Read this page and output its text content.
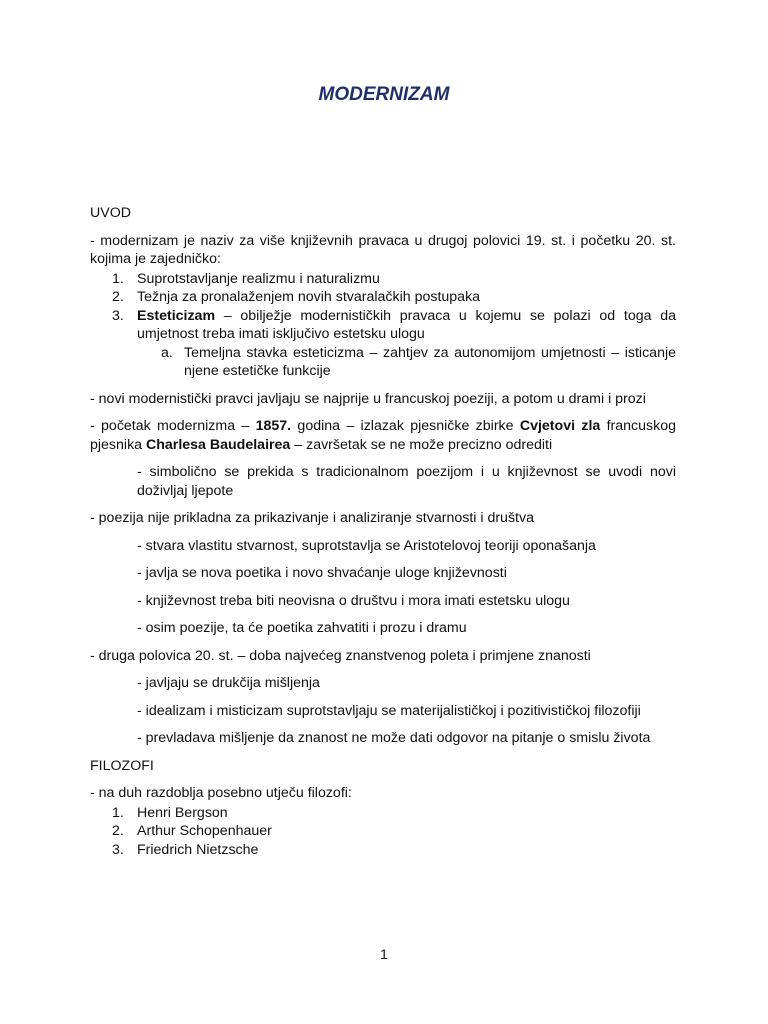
MODERNIZAM

UVOD

- modernizam je naziv za više književnih pravaca u drugoj polovici 19. st. i početku 20. st. kojima je zajedničko:

1. Suprotstavljanje realizmu i naturalizmu
2. Težnja za pronalaženjem novih stvaralačkih postupaka
3. Esteticizam – obilježje modernističkih pravaca u kojemu se polazi od toga da umjetnost treba imati isključivo estetsku ulogu
a. Temeljna stavka esteticizma – zahtjev za autonomijom umjetnosti – isticanje njene estetičke funkcije

- novi modernistički pravci javljaju se najprije u francuskoj poeziji, a potom u drami i prozi

- početak modernizma – 1857. godina – izlazak pjesničke zbirke Cvjetovi zla francuskog pjesnika Charlesa Baudelairea – završetak se ne može precizno odrediti

- simbolično se prekida s tradicionalnom poezijom i u književnost se uvodi novi doživljaj ljepote

- poezija nije prikladna za prikazivanje i analiziranje stvarnosti i društva

- stvara vlastitu stvarnost, suprotstavlja se Aristotelovoj teoriji oponašanja

- javlja se nova poetika i novo shvaćanje uloge književnosti

- književnost treba biti neovisna o društvu i mora imati estetsku ulogu

- osim poezije, ta će poetika zahvatiti i prozu i dramu

- druga polovica 20. st. – doba najvećeg znanstvenog poleta i primjene znanosti

- javljaju se drukčija mišljenja

- idealizam i misticizam suprotstavljaju se materijalističkoj i pozitivističkoj filozofiji

- prevladava mišljenje da znanost ne može dati odgovor na pitanje o smislu života

FILOZOFI

- na duh razdoblja posebno utječu filozofi:

1. Henri Bergson
2. Arthur Schopenhauer
3. Friedrich Nietzsche
1
